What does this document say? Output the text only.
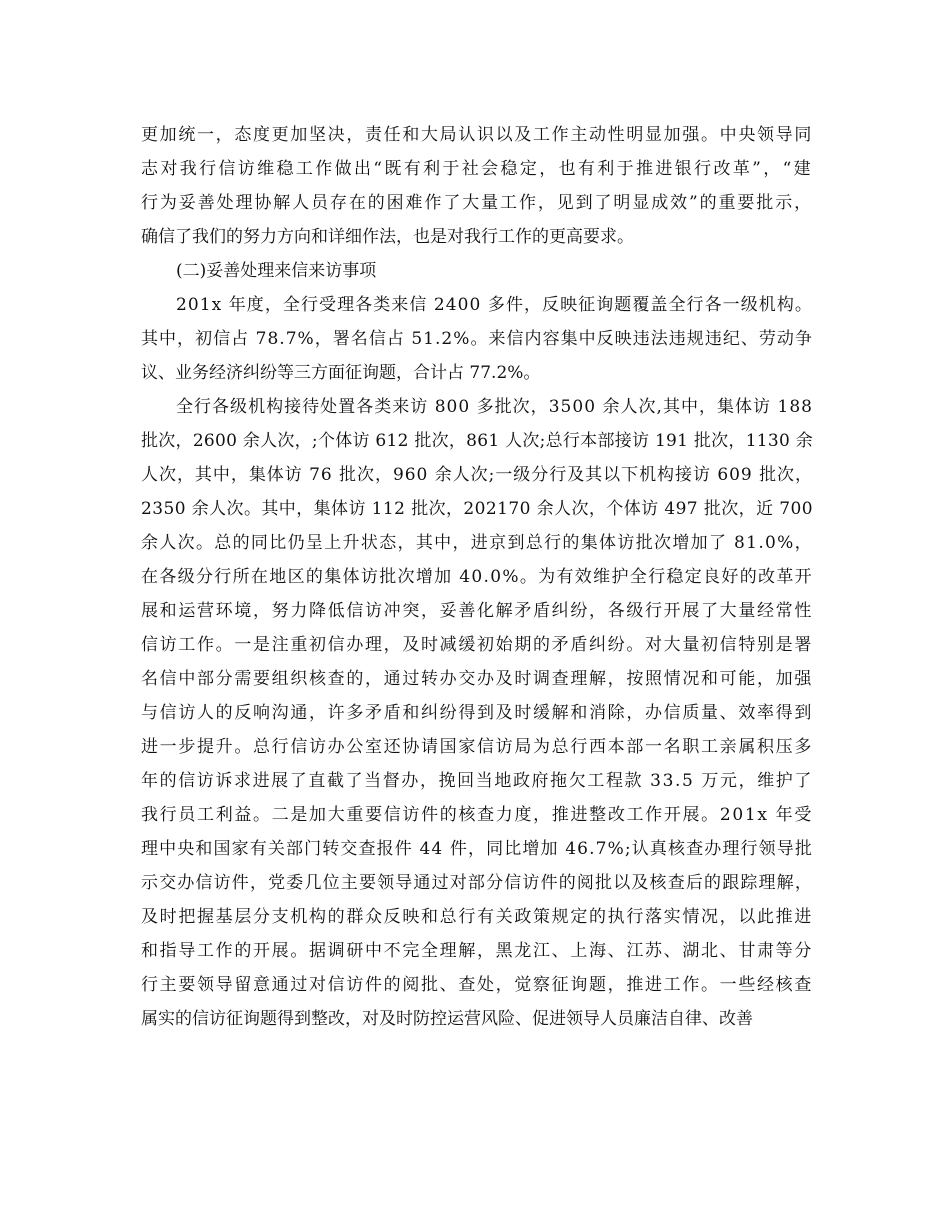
更加统一，态度更加坚决，责任和大局认识以及工作主动性明显加强。中央领导同
志对我行信访维稳工作做出“既有利于社会稳定，也有利于推进银行改革”，“建
行为妥善处理协解人员存在的困难作了大量工作，见到了明显成效”的重要批示，
确信了我们的努力方向和详细作法，也是对我行工作的更高要求。
(二)妥善处理来信来访事项
201x 年度，全行受理各类来信 2400 多件，反映征询题覆盖全行各一级机构。
其中，初信占 78.7%，署名信占 51.2%。来信内容集中反映违法违规违纪、劳动争
议、业务经济纠纷等三方面征询题，合计占 77.2%。
全行各级机构接待处置各类来访 800 多批次，3500 余人次,其中，集体访 188
批次，2600 余人次，;个体访 612 批次，861 人次;总行本部接访 191 批次，1130 余
人次，其中，集体访 76 批次，960 余人次;一级分行及其以下机构接访 609 批次，
2350 余人次。其中，集体访 112 批次，202170 余人次，个体访 497 批次，近 700
余人次。总的同比仍呈上升状态，其中，进京到总行的集体访批次增加了 81.0%，
在各级分行所在地区的集体访批次增加 40.0%。为有效维护全行稳定良好的改革开
展和运营环境，努力降低信访冲突，妥善化解矛盾纠纷，各级行开展了大量经常性
信访工作。一是注重初信办理，及时减缓初始期的矛盾纠纷。对大量初信特别是署
名信中部分需要组织核查的，通过转办交办及时调查理解，按照情况和可能，加强
与信访人的反响沟通，许多矛盾和纠纷得到及时缓解和消除，办信质量、效率得到
进一步提升。总行信访办公室还协请国家信访局为总行西本部一名职工亲属积压多
年的信访诉求进展了直截了当督办，挽回当地政府拖欠工程款 33.5 万元，维护了
我行员工利益。二是加大重要信访件的核查力度，推进整改工作开展。201x 年受
理中央和国家有关部门转交查报件 44 件，同比增加 46.7%;认真核查办理行领导批
示交办信访件，党委几位主要领导通过对部分信访件的阅批以及核查后的跟踪理解，
及时把握基层分支机构的群众反映和总行有关政策规定的执行落实情况，以此推进
和指导工作的开展。据调研中不完全理解，黑龙江、上海、江苏、湖北、甘肃等分
行主要领导留意通过对信访件的阅批、查处，觉察征询题，推进工作。一些经核查
属实的信访征询题得到整改，对及时防控运营风险、促进领导人员廉洁自律、改善
